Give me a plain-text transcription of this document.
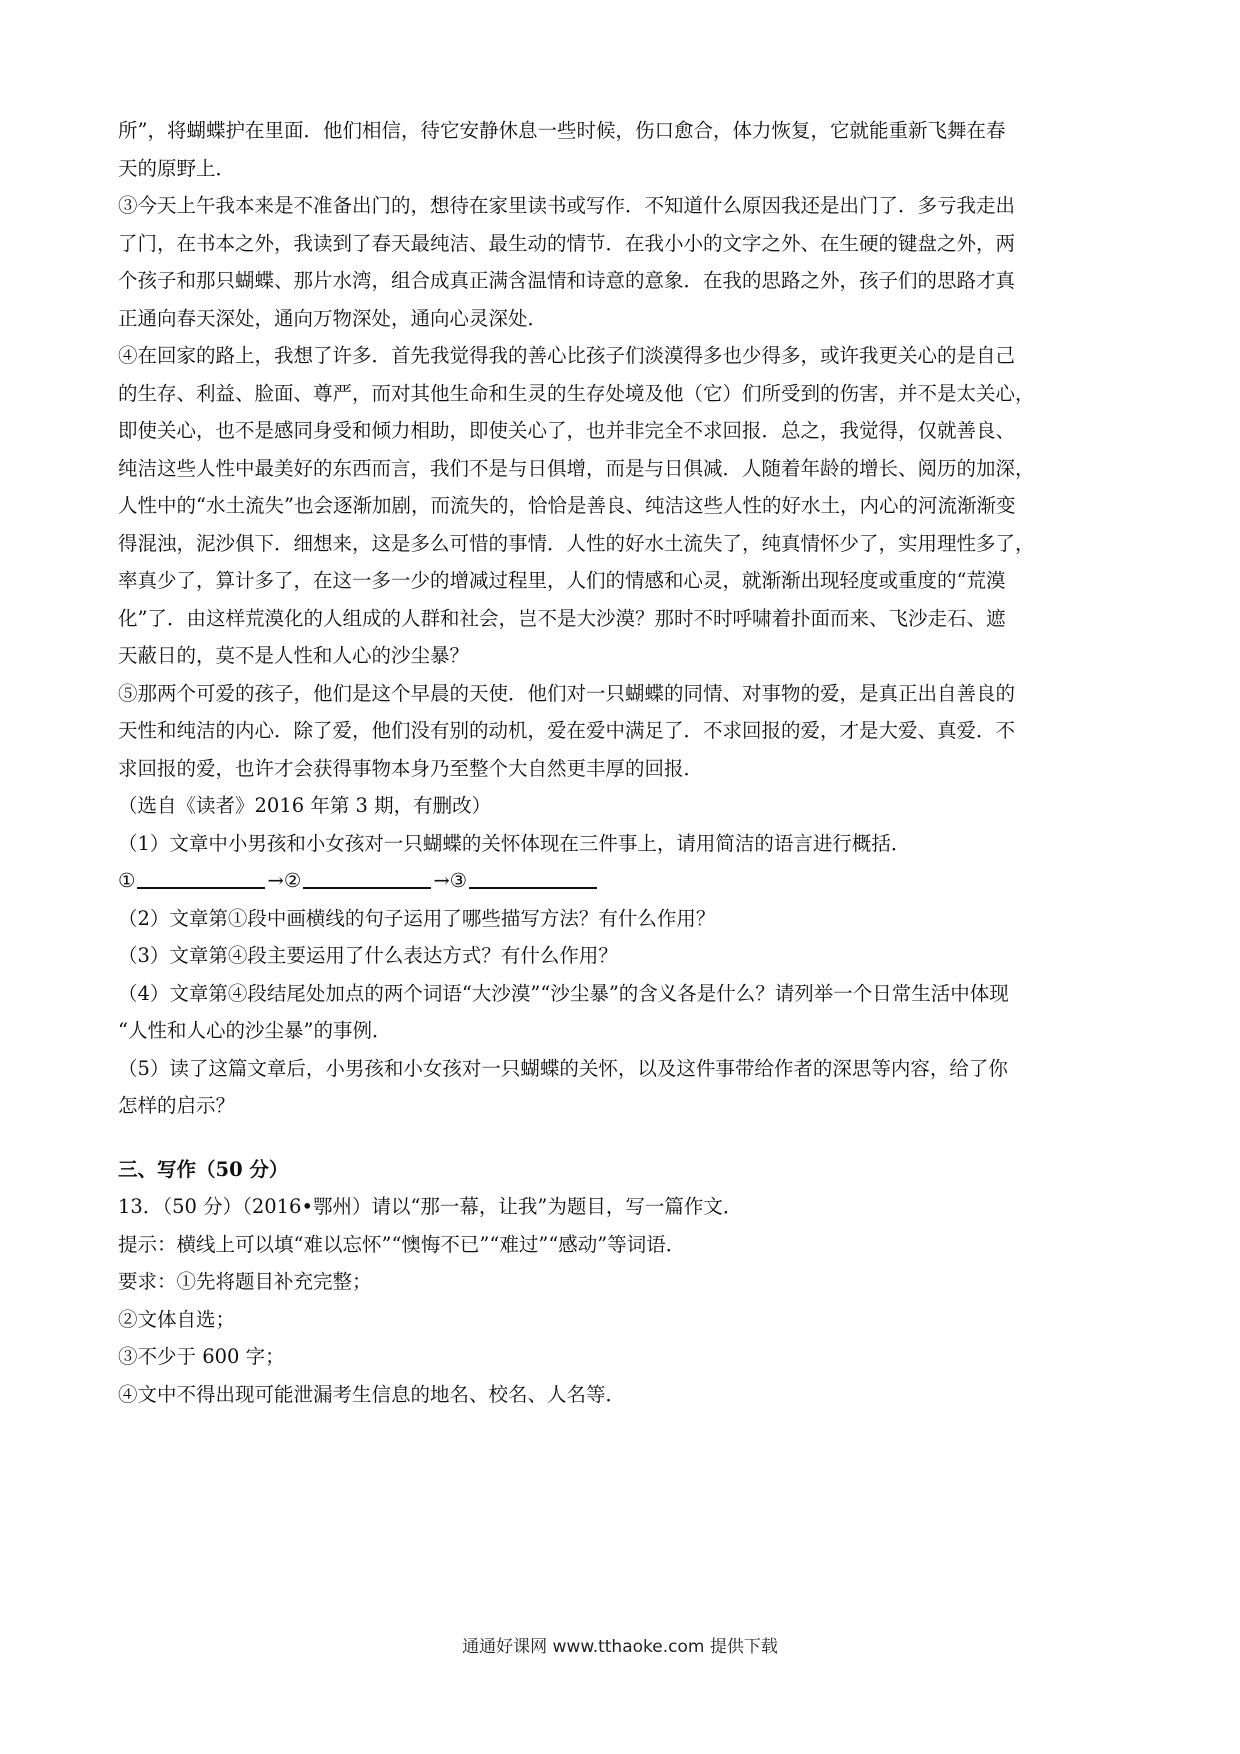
所”，将蝴蝶护在里面．他们相信，待它安静休息一些时候，伤口愈合，体力恢复，它就能重新飞舞在春
天的原野上．
③今天上午我本来是不准备出门的，想待在家里读书或写作．不知道什么原因我还是出门了．多亏我走出
了门，在书本之外，我读到了春天最纯洁、最生动的情节．在我小小的文字之外、在生硬的键盘之外，两
个孩子和那只蝴蝶、那片水湾，组合成真正满含温情和诗意的意象．在我的思路之外，孩子们的思路才真
正通向春天深处，通向万物深处，通向心灵深处．
④在回家的路上，我想了许多．首先我觉得我的善心比孩子们淡漠得多也少得多，或许我更关心的是自己
的生存、利益、脸面、尊严，而对其他生命和生灵的生存处境及他（它）们所受到的伤害，并不是太关心，
即使关心，也不是感同身受和倾力相助，即使关心了，也并非完全不求回报．总之，我觉得，仅就善良、
纯洁这些人性中最美好的东西而言，我们不是与日俱增，而是与日俱减．人随着年龄的增长、阅历的加深，
人性中的“水土流失”也会逐渐加剧，而流失的，恰恰是善良、纯洁这些人性的好水土，内心的河流渐渐变
得混浊，泥沙俱下．细想来，这是多么可惜的事情．人性的好水土流失了，纯真情怀少了，实用理性多了，
率真少了，算计多了，在这一多一少的增减过程里，人们的情感和心灵，就渐渐出现轻度或重度的“荒漠
化”了．由这样荒漠化的人组成的人群和社会，岂不是大沙漠？那时不时呼啸着扑面而来、飞沙走石、遮
天蔽日的，莫不是人性和人心的沙尘暴？
⑤那两个可爱的孩子，他们是这个早晨的天使．他们对一只蝴蝶的同情、对事物的爱，是真正出自善良的
天性和纯洁的内心．除了爱，他们没有别的动机，爱在爱中满足了．不求回报的爱，才是大爱、真爱．不
求回报的爱，也许才会获得事物本身乃至整个大自然更丰厚的回报．
（选自《读者》2016 年第 3 期，有删改）
（1）文章中小男孩和小女孩对一只蝴蝶的关怀体现在三件事上，请用简洁的语言进行概括．
①	→②	→③
（2）文章第①段中画横线的句子运用了哪些描写方法？有什么作用？
（3）文章第④段主要运用了什么表达方式？有什么作用？
（4）文章第④段结尾处加点的两个词语“大沙漠”“沙尘暴”的含义各是什么？请列举一个日常生活中体现
“人性和人心的沙尘暴”的事例．
（5）读了这篇文章后，小男孩和小女孩对一只蝴蝶的关怀，以及这件事带给作者的深思等内容，给了你
怎样的启示？
三、写作（50 分）
13．（50 分）（2016•鄂州）请以“那一幕，让我”为题目，写一篇作文．
提示：横线上可以填“难以忘怀”“懊悔不已”“难过”“感动”等词语．
要求：①先将题目补充完整；
②文体自选；
③不少于 600 字；
④文中不得出现可能泄漏考生信息的地名、校名、人名等．
通通好课网 www.tthaoke.com 提供下载
